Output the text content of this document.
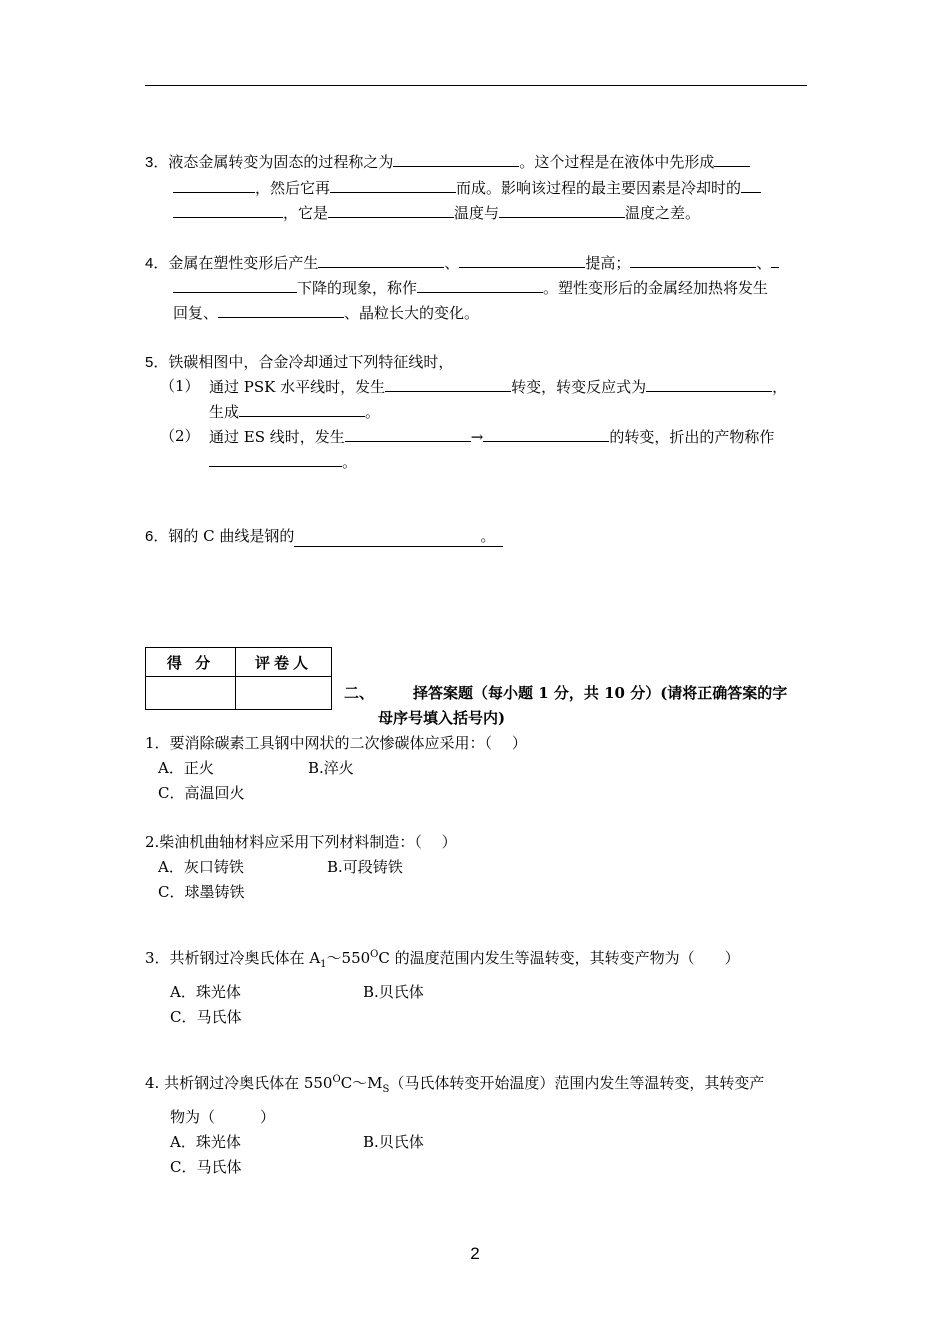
3．液态金属转变为固态的过程称之为	。这个过程是在液体中先形成
，然后它再	而成。影响该过程的最主要因素是冷却时的
，它是	温度与	温度之差。
4．金属在塑性变形后产生	、	提高；	、
下降的现象，称作	。塑性变形后的金属经加热将发生
回复、	、晶粒长大的变化。
5．铁碳相图中，合金冷却通过下列特征线时，
（1） 通过 PSK 水平线时，发生	转变，转变反应式为	，
生成	。
（2） 通过 ES 线时，发生	→	的转变，折出的产物称作
。
6．钢的 C 曲线是钢的	。
得 分	评卷人

二、	择答案题（每小题 1 分，共 10 分）(请将正确答案的字
母序号填入括号内)
1．要消除碳素工具钢中网状的二次惨碳体应采用：（　 ）
A．正火	B.淬火
C．高温回火
2.柴油机曲轴材料应采用下列材料制造：（　 ）
A．灰口铸铁	B.可段铸铁
C．球墨铸铁
3．共析钢过冷奥氏体在 $A_1\sim 550^OC$ 的温度范围内发生等温转变，其转变产物为（　　）
A．珠光体	B.贝氏体
C．马氏体
4. 共析钢过冷奥氏体在 $550^OC\sim M_S$（马氏体转变开始温度）范围内发生等温转变，其转变产
物为（　　　）
A．珠光体	B.贝氏体
C．马氏体
2
